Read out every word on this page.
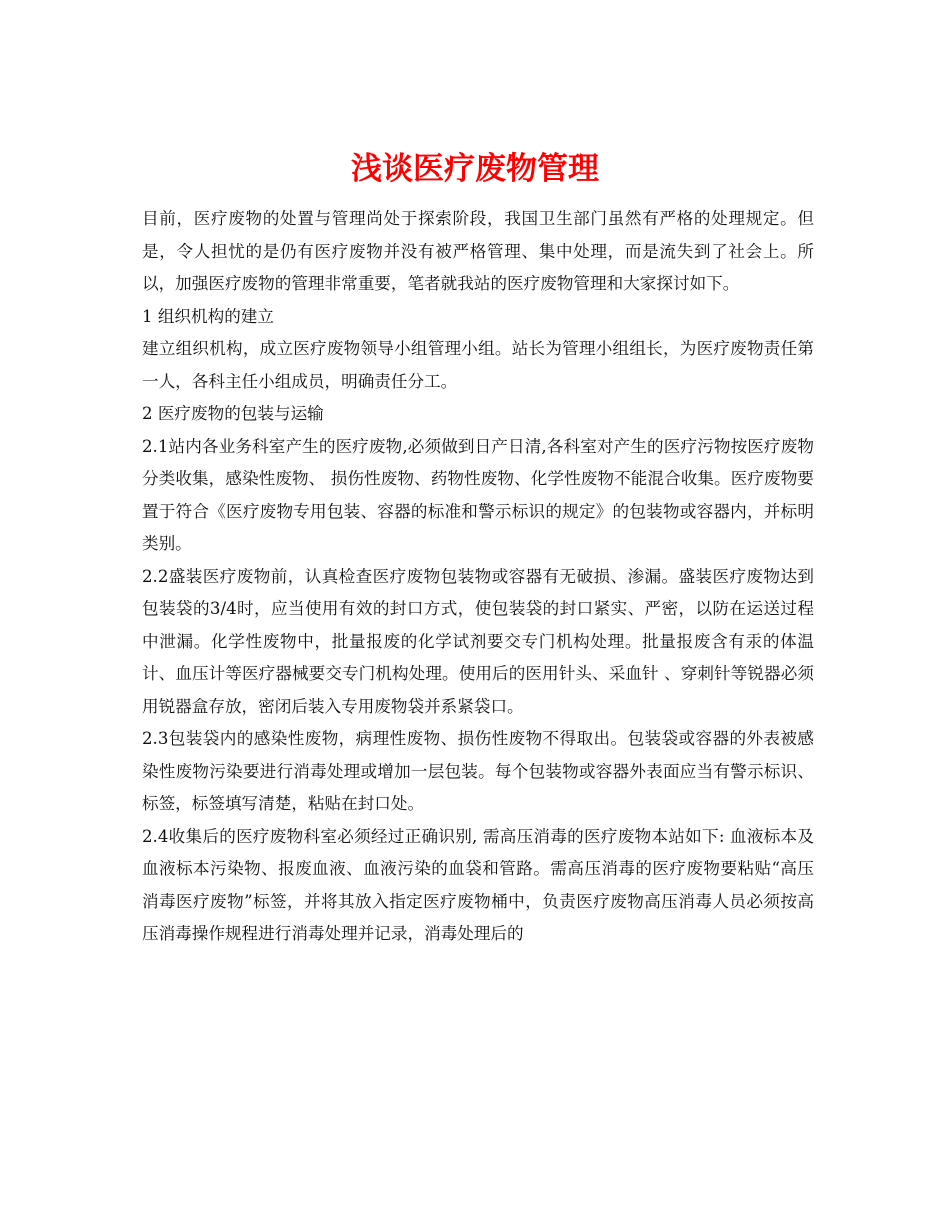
浅谈医疗废物管理

目前，医疗废物的处置与管理尚处于探索阶段，我国卫生部门虽然有严格的处理规定。但是，令人担忧的是仍有医疗废物并没有被严格管理、集中处理，而是流失到了社会上。所以，加强医疗废物的管理非常重要，笔者就我站的医疗废物管理和大家探讨如下。

1 组织机构的建立

建立组织机构，成立医疗废物领导小组管理小组。站长为管理小组组长，为医疗废物责任第一人，各科主任小组成员，明确责任分工。

2 医疗废物的包装与运输

2.1站内各业务科室产生的医疗废物,必须做到日产日清,各科室对产生的医疗污物按医疗废物分类收集，感染性废物、 损伤性废物、药物性废物、化学性废物不能混合收集。医疗废物要置于符合《医疗废物专用包装、容器的标准和警示标识的规定》的包装物或容器内，并标明类别。

2.2盛装医疗废物前，认真检查医疗废物包装物或容器有无破损、渗漏。盛装医疗废物达到包装袋的3/4时，应当使用有效的封口方式，使包装袋的封口紧实、严密，以防在运送过程中泄漏。化学性废物中，批量报废的化学试剂要交专门机构处理。批量报废含有汞的体温计、血压计等医疗器械要交专门机构处理。使用后的医用针头、采血针 、穿刺针等锐器必须用锐器盒存放，密闭后装入专用废物袋并系紧袋口。

2.3包装袋内的感染性废物，病理性废物、损伤性废物不得取出。包装袋或容器的外表被感染性废物污染要进行消毒处理或增加一层包装。每个包装物或容器外表面应当有警示标识、标签，标签填写清楚，粘贴在封口处。

2.4收集后的医疗废物科室必须经过正确识别, 需高压消毒的医疗废物本站如下: 血液标本及血液标本污染物、报废血液、血液污染的血袋和管路。需高压消毒的医疗废物要粘贴“高压消毒医疗废物”标签，并将其放入指定医疗废物桶中，负责医疗废物高压消毒人员必须按高压消毒操作规程进行消毒处理并记录，消毒处理后的
